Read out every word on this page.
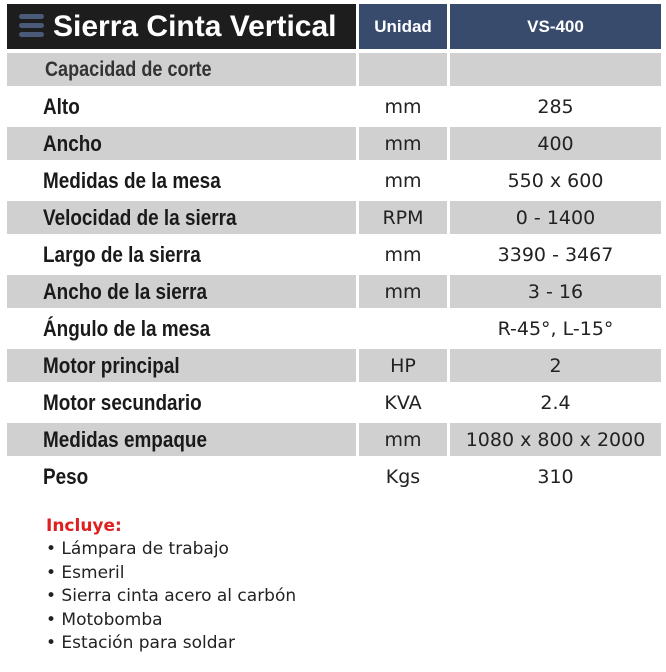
Sierra Cinta Vertical	Unidad	VS-400
Capacidad de corte		
Alto	mm	285
Ancho	mm	400
Medidas de la mesa	mm	550 x 600
Velocidad de la sierra	RPM	0 - 1400
Largo de la sierra	mm	3390 - 3467
Ancho de la sierra	mm	3 - 16
Ángulo de la mesa		R-45°, L-15°
Motor principal	HP	2
Motor secundario	KVA	2.4
Medidas empaque	mm	1080 x 800 x 2000
Peso	Kgs	310
Incluye:
• Lámpara de trabajo
• Esmeril
• Sierra cinta acero al carbón
• Motobomba
• Estación para soldar
